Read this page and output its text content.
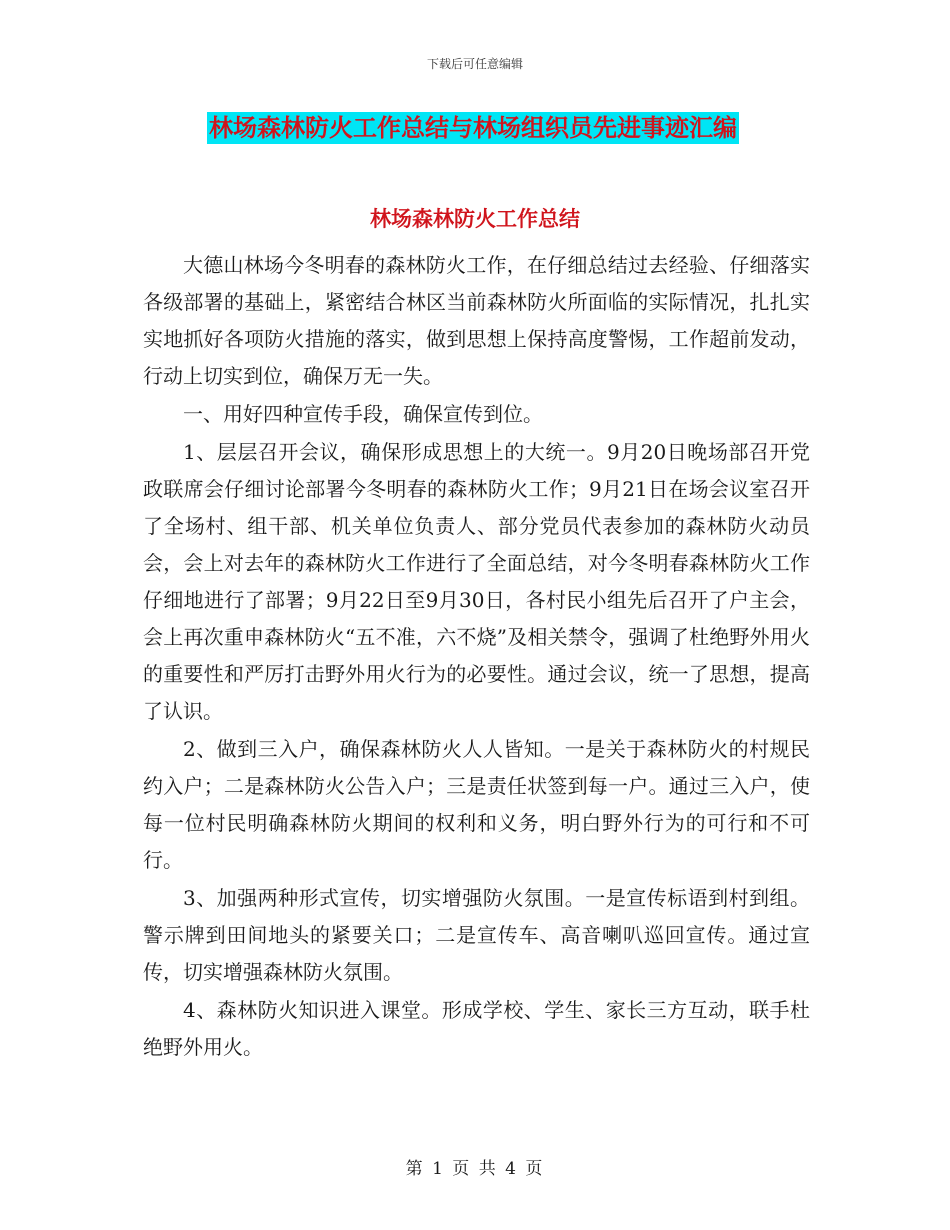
下载后可任意编辑
林场森林防火工作总结与林场组织员先进事迹汇编
林场森林防火工作总结

大德山林场今冬明春的森林防火工作，在仔细总结过去经验、仔细落实各级部署的基础上，紧密结合林区当前森林防火所面临的实际情况，扎扎实实地抓好各项防火措施的落实，做到思想上保持高度警惕，工作超前发动，行动上切实到位，确保万无一失。

一、用好四种宣传手段，确保宣传到位。

1、层层召开会议，确保形成思想上的大统一。9月20日晚场部召开党政联席会仔细讨论部署今冬明春的森林防火工作；9月21日在场会议室召开了全场村、组干部、机关单位负责人、部分党员代表参加的森林防火动员会，会上对去年的森林防火工作进行了全面总结，对今冬明春森林防火工作仔细地进行了部署；9月22日至9月30日，各村民小组先后召开了户主会，会上再次重申森林防火“五不准，六不烧”及相关禁令，强调了杜绝野外用火的重要性和严厉打击野外用火行为的必要性。通过会议，统一了思想，提高了认识。

2、做到三入户，确保森林防火人人皆知。一是关于森林防火的村规民约入户；二是森林防火公告入户；三是责任状签到每一户。通过三入户，使每一位村民明确森林防火期间的权利和义务，明白野外行为的可行和不可行。

3、加强两种形式宣传，切实增强防火氛围。一是宣传标语到村到组。警示牌到田间地头的紧要关口；二是宣传车、高音喇叭巡回宣传。通过宣传，切实增强森林防火氛围。

4、森林防火知识进入课堂。形成学校、学生、家长三方互动，联手杜绝野外用火。

第 1 页 共 4 页
